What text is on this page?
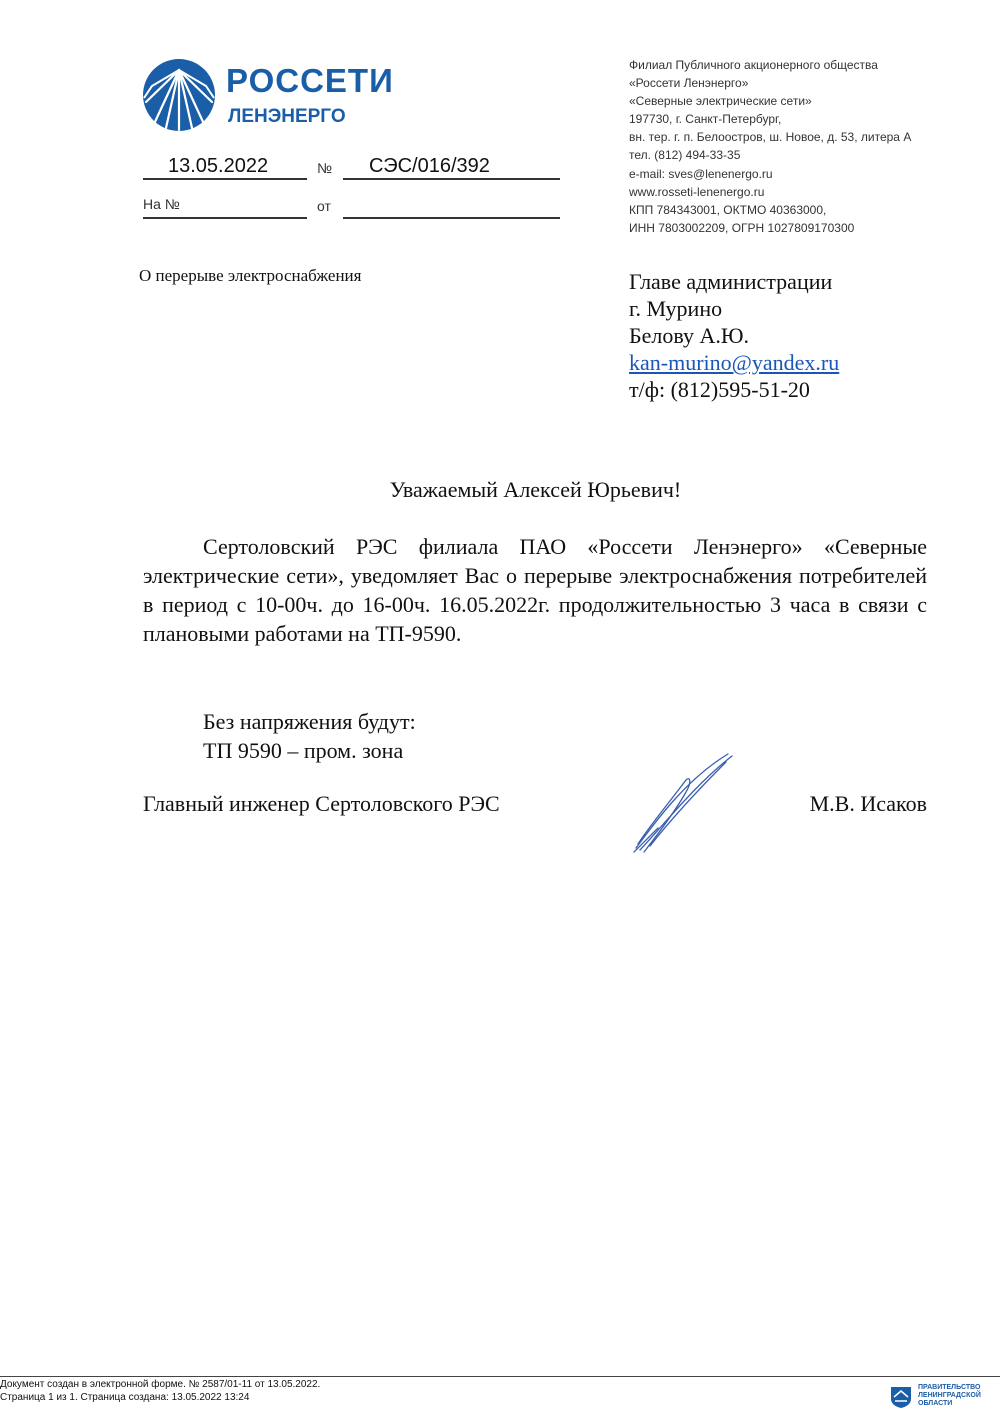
РОССЕТИ
ЛЕНЭНЕРГО
13.05.2022	№ СЭС/016/392
На №	от
Филиал Публичного акционерного общества
«Россети Ленэнерго»
«Северные электрические сети»
197730, г. Санкт-Петербург,
вн. тер. г. п. Белоостров, ш. Новое, д. 53, литера А
тел. (812) 494-33-35
e-mail: sves@lenenergo.ru
www.rosseti-lenenergo.ru
КПП 784343001, ОКТМО 40363000,
ИНН 7803002209, ОГРН 1027809170300
О перерыве электроснабжения	Главе администрации
г. Мурино
Белову А.Ю.
kan-murino@yandex.ru
т/ф: (812)595-51-20
Уважаемый Алексей Юрьевич!
Сертоловский РЭС филиала ПАО «Россети Ленэнерго» «Северные электрические сети», уведомляет Вас о перерыве электроснабжения потребителей в период с 10-00ч. до 16-00ч. 16.05.2022г. продолжительностью 3 часа в связи с плановыми работами на ТП-9590.
Без напряжения будут:
ТП 9590 – пром. зона
Главный инженер Сертоловского РЭС	М.В. Исаков
Документ создан в электронной форме. № 2587/01-11 от 13.05.2022.
Страница 1 из 1. Страница создана: 13.05.2022 13:24
ПРАВИТЕЛЬСТВО
ЛЕНИНГРАДСКОЙ
ОБЛАСТИ
